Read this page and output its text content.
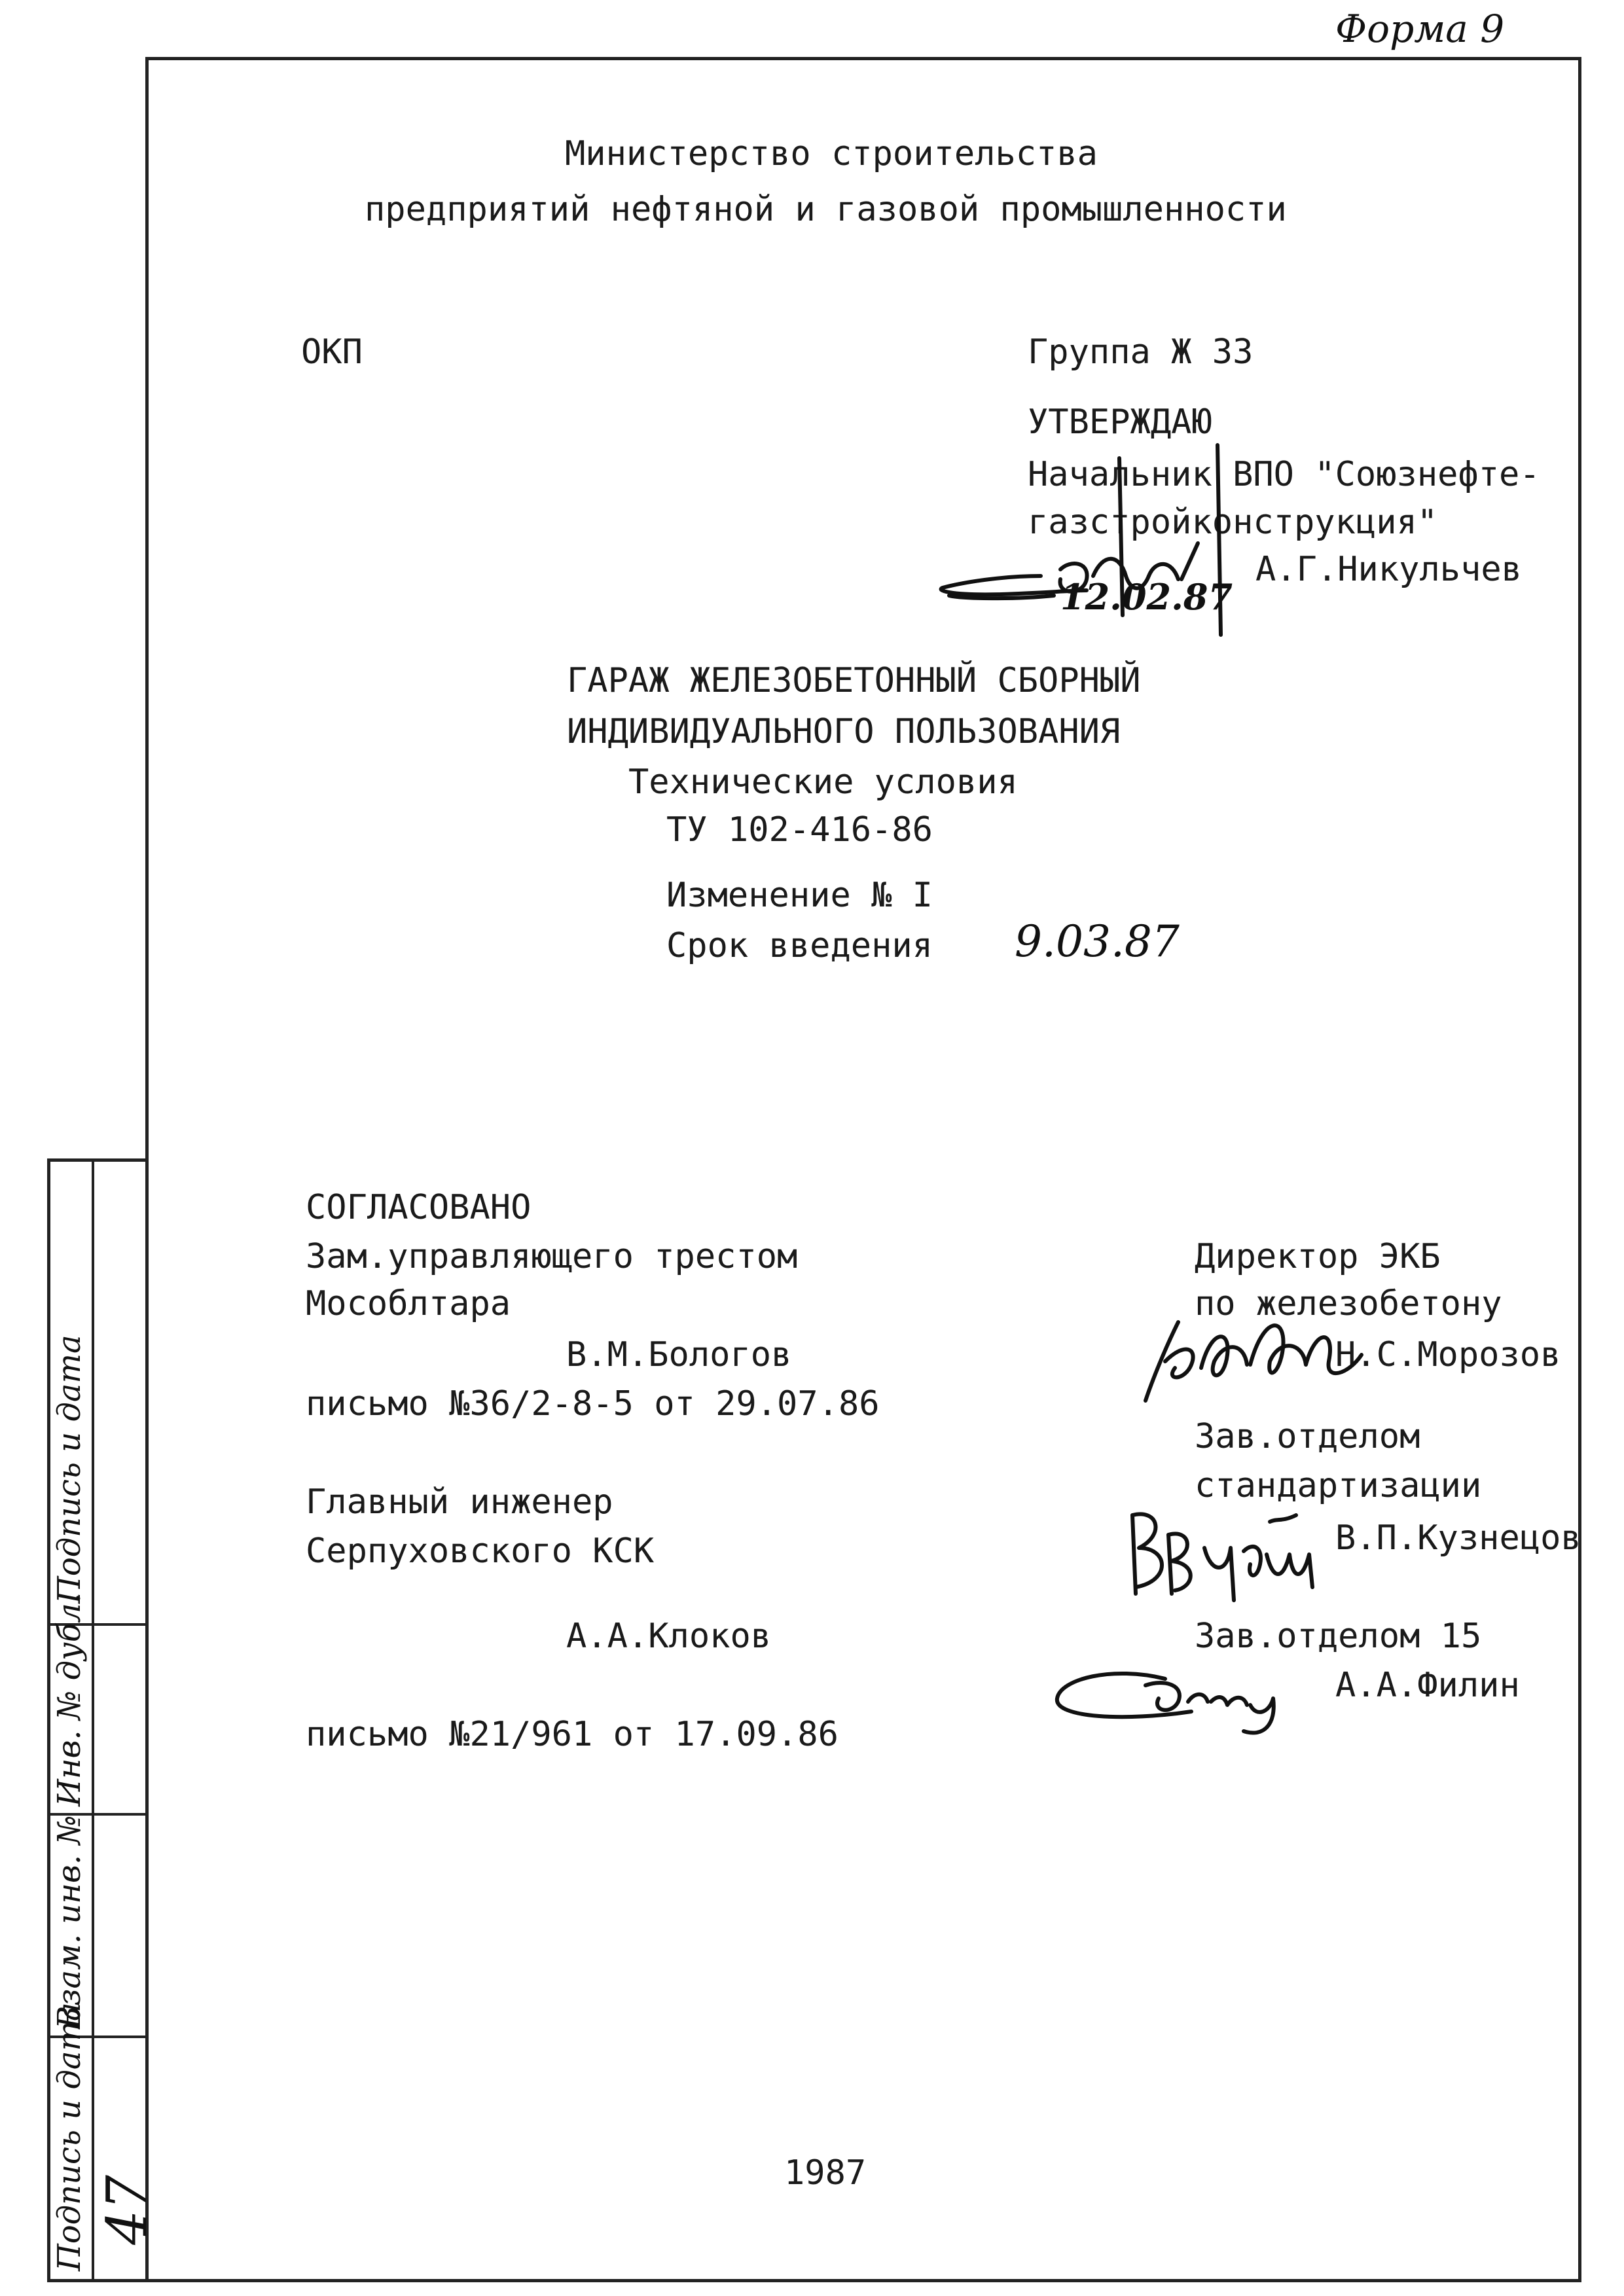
Форма 9
Подпись и дата
Инв. № дубл.
Взам. инв. №
Подпись и дата 47
Министерство строительства
предприятий нефтяной и газовой промышленности
ОКП	Группа Ж 33
УТВЕРЖДАЮ
Начальник ВПО "Союзнефте-
газстройконструкция"
А.Г.Никульчев
12.02.87
ГАРАЖ ЖЕЛЕЗОБЕТОННЫЙ СБОРНЫЙ
ИНДИВИДУАЛЬНОГО ПОЛЬЗОВАНИЯ
Технические условия
ТУ 102-416-86
Изменение № I
Срок введения 9.03.87
СОГЛАСОВАНО
Зам.управляющего трестом
Мособлтара
В.М.Бологов
письмо №36/2-8-5 от 29.07.86
Главный инженер
Серпуховского КСК
А.А.Клоков
письмо №21/961 от 17.09.86
Директор ЭКБ
по железобетону
Н.С.Морозов
Зав.отделом
стандартизации
В.П.Кузнецов
Зав.отделом 15
А.А.Филин
1987
